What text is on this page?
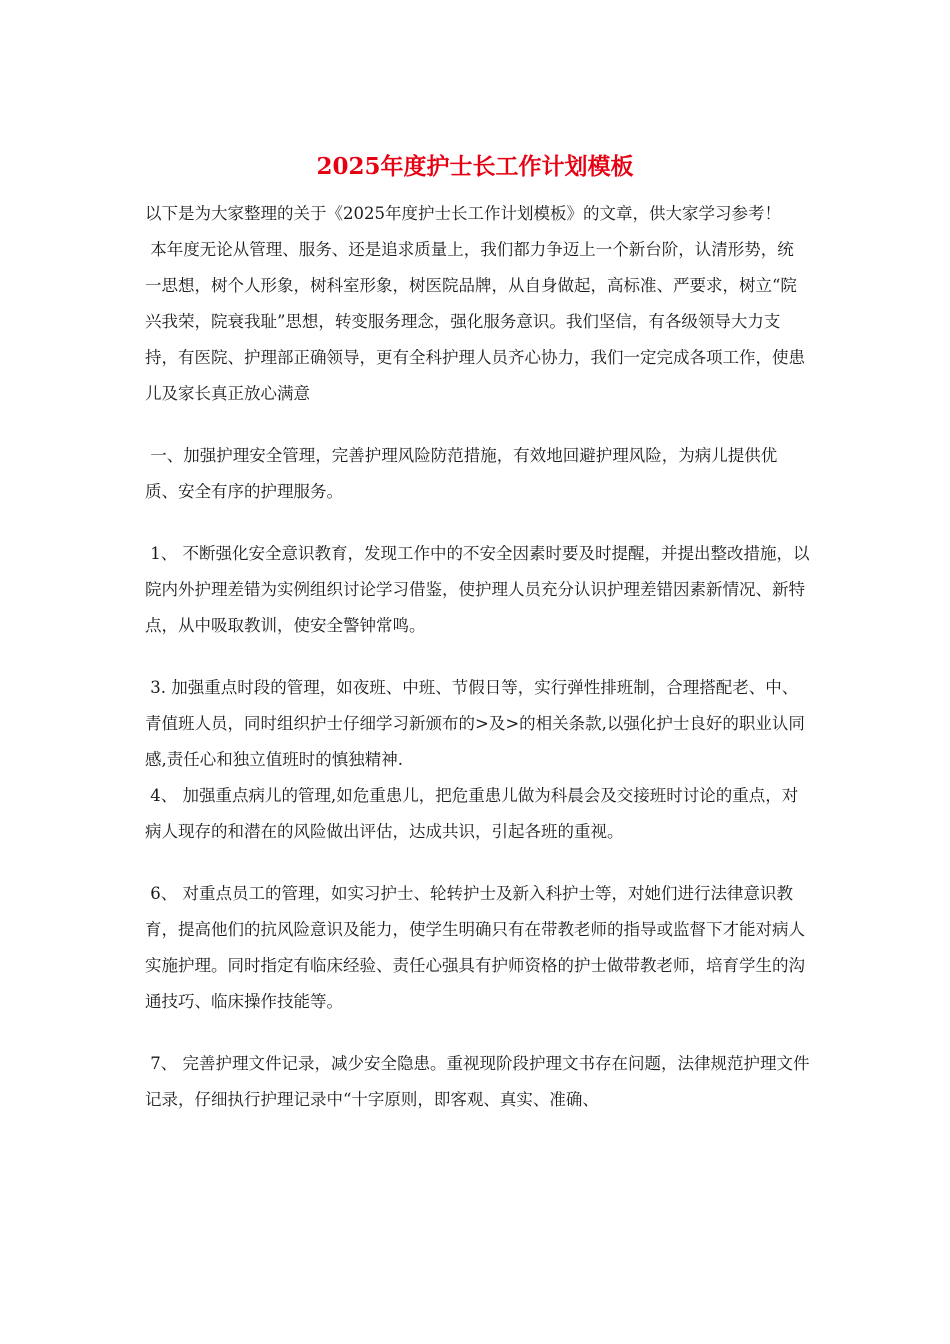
2025年度护士长工作计划模板

以下是为大家整理的关于《2025年度护士长工作计划模板》的文章，供大家学习参考！

本年度无论从管理、服务、还是追求质量上，我们都力争迈上一个新台阶，认清形势，统一思想，树个人形象，树科室形象，树医院品牌，从自身做起，高标准、严要求，树立“院兴我荣，院衰我耻”思想，转变服务理念，强化服务意识。我们坚信，有各级领导大力支持，有医院、护理部正确领导，更有全科护理人员齐心协力，我们一定完成各项工作，使患儿及家长真正放心满意

一、加强护理安全管理，完善护理风险防范措施，有效地回避护理风险，为病儿提供优质、安全有序的护理服务。

1、 不断强化安全意识教育，发现工作中的不安全因素时要及时提醒，并提出整改措施，以院内外护理差错为实例组织讨论学习借鉴，使护理人员充分认识护理差错因素新情况、新特点，从中吸取教训，使安全警钟常鸣。

3. 加强重点时段的管理，如夜班、中班、节假日等，实行弹性排班制，合理搭配老、中、青值班人员，同时组织护士仔细学习新颁布的>及>的相关条款,以强化护士良好的职业认同感,责任心和独立值班时的慎独精神.

4、 加强重点病儿的管理,如危重患儿，把危重患儿做为科晨会及交接班时讨论的重点，对病人现存的和潜在的风险做出评估，达成共识，引起各班的重视。

6、 对重点员工的管理，如实习护士、轮转护士及新入科护士等，对她们进行法律意识教育，提高他们的抗风险意识及能力，使学生明确只有在带教老师的指导或监督下才能对病人实施护理。同时指定有临床经验、责任心强具有护师资格的护士做带教老师，培育学生的沟通技巧、临床操作技能等。

7、 完善护理文件记录，减少安全隐患。重视现阶段护理文书存在问题，法律规范护理文件记录，仔细执行护理记录中“十字原则，即客观、真实、准确、
